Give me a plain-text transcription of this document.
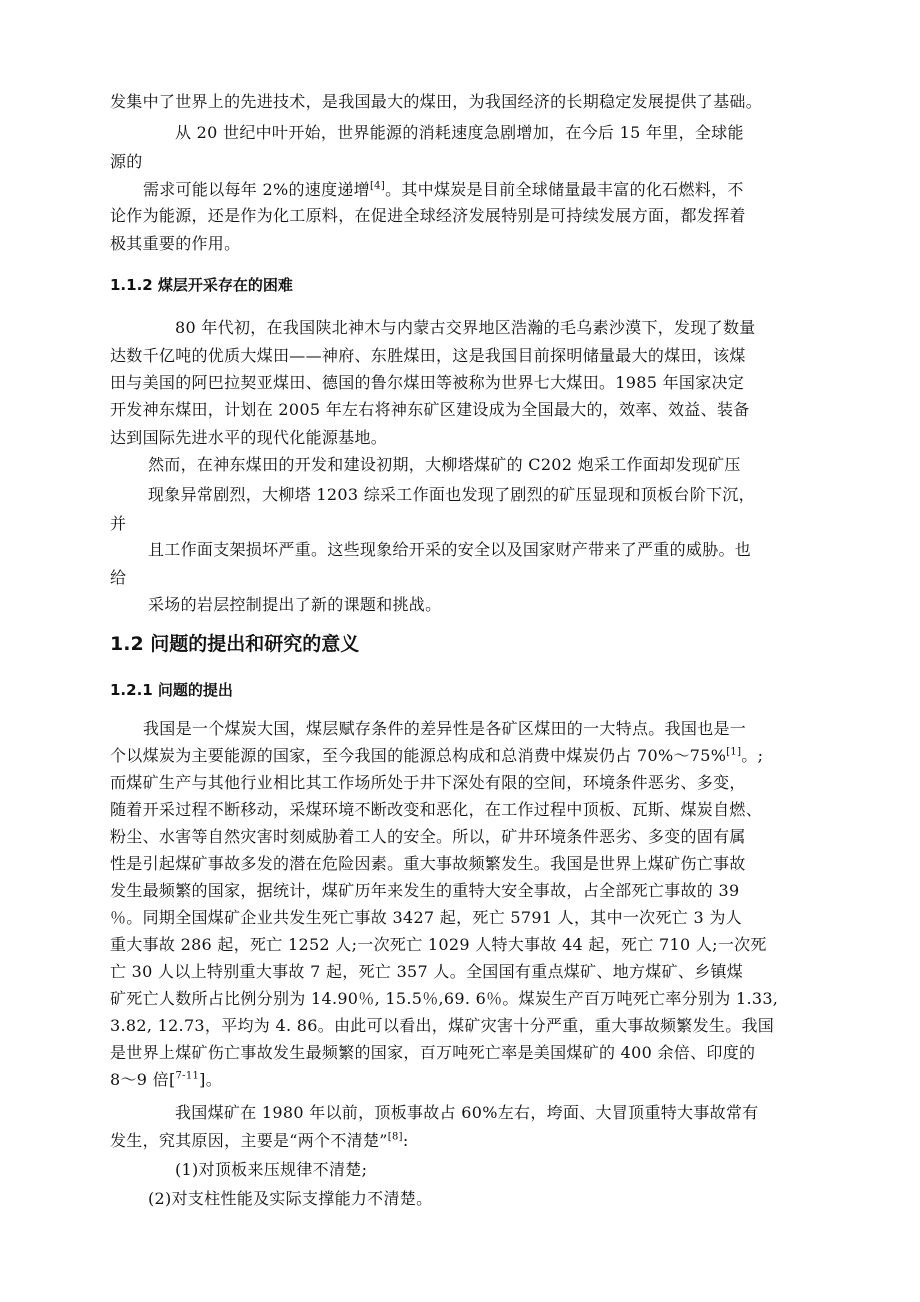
发集中了世界上的先进技术，是我国最大的煤田，为我国经济的长期稳定发展提供了基础。
从 20 世纪中叶开始，世界能源的消耗速度急剧增加，在今后 15 年里，全球能
源的
需求可能以每年 2%的速度递增[4]。其中煤炭是目前全球储量最丰富的化石燃料，不
论作为能源，还是作为化工原料，在促进全球经济发展特别是可持续发展方面，都发挥着
极其重要的作用。
1.1.2 煤层开采存在的困难
80 年代初，在我国陕北神木与内蒙古交界地区浩瀚的毛乌素沙漠下，发现了数量
达数千亿吨的优质大煤田——神府、东胜煤田，这是我国目前探明储量最大的煤田，该煤
田与美国的阿巴拉契亚煤田、德国的鲁尔煤田等被称为世界七大煤田。1985 年国家决定
开发神东煤田，计划在 2005 年左右将神东矿区建设成为全国最大的，效率、效益、装备
达到国际先进水平的现代化能源基地。
然而，在神东煤田的开发和建设初期，大柳塔煤矿的 C202 炮采工作面却发现矿压
现象异常剧烈，大柳塔 1203 综采工作面也发现了剧烈的矿压显现和顶板台阶下沉，
并
且工作面支架损坏严重。这些现象给开采的安全以及国家财产带来了严重的威胁。也
给
采场的岩层控制提出了新的课题和挑战。
1.2 问题的提出和研究的意义
1.2.1 问题的提出
我国是一个煤炭大国，煤层赋存条件的差异性是各矿区煤田的一大特点。我国也是一
个以煤炭为主要能源的国家，至今我国的能源总构成和总消费中煤炭仍占 70%～75%[1]。;
而煤矿生产与其他行业相比其工作场所处于井下深处有限的空间，环境条件恶劣、多变，
随着开采过程不断移动，采煤环境不断改变和恶化，在工作过程中顶板、瓦斯、煤炭自燃、
粉尘、水害等自然灾害时刻威胁着工人的安全。所以，矿井环境条件恶劣、多变的固有属
性是引起煤矿事故多发的潜在危险因素。重大事故频繁发生。我国是世界上煤矿伤亡事故
发生最频繁的国家，据统计，煤矿历年来发生的重特大安全事故，占全部死亡事故的 39
％。同期全国煤矿企业共发生死亡事故 3427 起，死亡 5791 人，其中一次死亡 3 为人
重大事故 286 起，死亡 1252 人;一次死亡 1029 人特大事故 44 起，死亡 710 人;一次死
亡 30 人以上特别重大事故 7 起，死亡 357 人。全国国有重点煤矿、地方煤矿、乡镇煤
矿死亡人数所占比例分别为 14.90％, 15.5％,69. 6％。煤炭生产百万吨死亡率分别为 1.33,
3.82, 12.73，平均为 4. 86。由此可以看出，煤矿灾害十分严重，重大事故频繁发生。我国
是世界上煤矿伤亡事故发生最频繁的国家，百万吨死亡率是美国煤矿的 400 余倍、印度的
8～9 倍[$^{7-11}$]。
我国煤矿在 1980 年以前，顶板事故占 60%左右，垮面、大冒顶重特大事故常有
发生，究其原因，主要是“两个不清楚”[8]:
(1)对顶板来压规律不清楚;
(2)对支柱性能及实际支撑能力不清楚。
